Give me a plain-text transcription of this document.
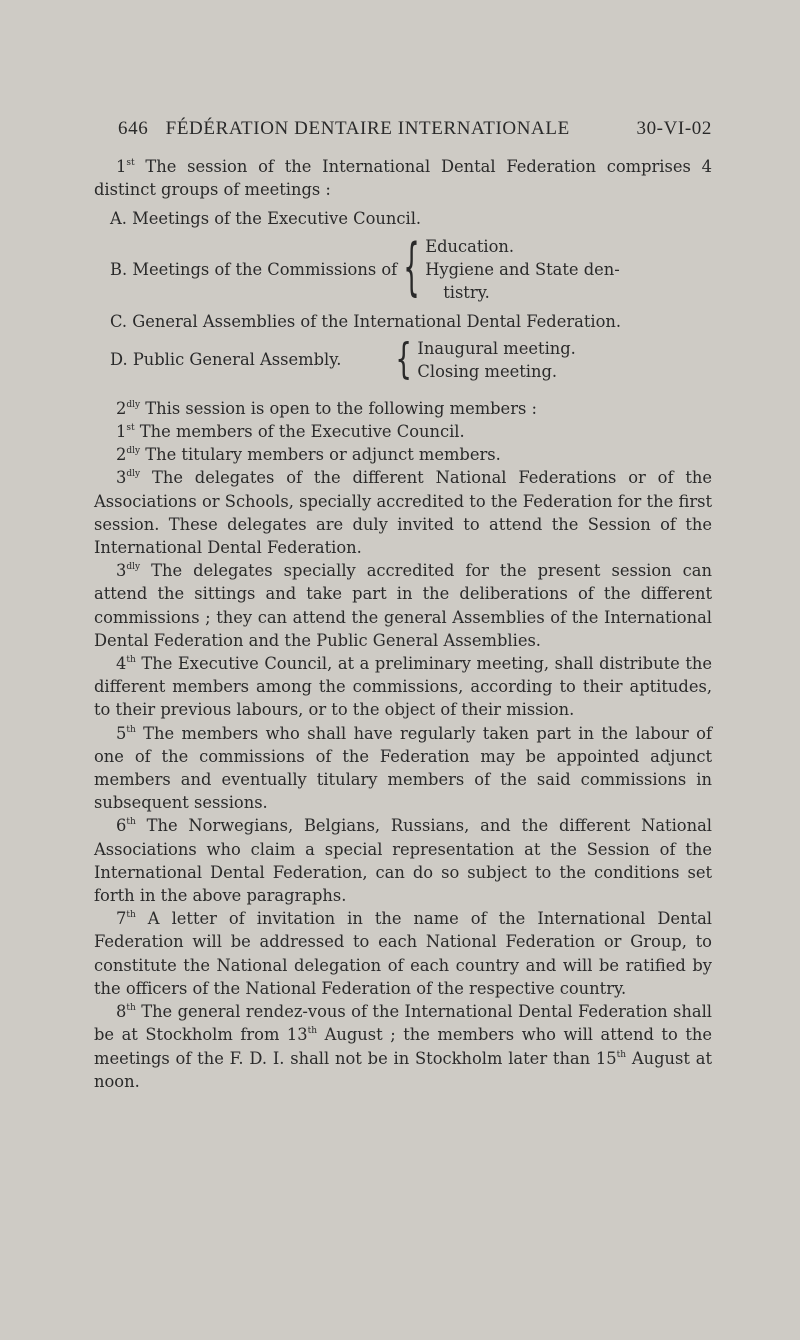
646 FÉDÉRATION DENTAIRE INTERNATIONALE	30-VI-02

1st The session of the International Dental Federation comprises 4 distinct groups of meetings :

A. Meetings of the Executive Council.
B. Meetings of the Commissions of { Education.
Hygiene and State den-
tistry.

C. General Assemblies of the International Dental Federation.

D. Public General Assembly. { Inaugural meeting.
Closing meeting.

$2^{dly}$ This session is open to the following members :

1st The members of the Executive Council.

$2^{dly}$ The titulary members or adjunct members.

$3^{dly}$ The delegates of the different National Federations or of the Associations or Schools, specially accredited to the Federation for the first session. These delegates are duly invited to attend the Session of the International Dental Federation.

$3^{dly}$ The delegates specially accredited for the present session can attend the sittings and take part in the deliberations of the different commissions ; they can attend the general Assemblies of the International Dental Federation and the Public General Assemblies.

4th The Executive Council, at a preliminary meeting, shall distribute the different members among the commissions, according to their aptitudes, to their previous labours, or to the object of their mission.

5th The members who shall have regularly taken part in the labour of one of the commissions of the Federation may be appointed adjunct members and eventually titulary members of the said commissions in subsequent sessions.

6th The Norwegians, Belgians, Russians, and the different National Associations who claim a special representation at the Session of the International Dental Federation, can do so subject to the conditions set forth in the above paragraphs.

7th A letter of invitation in the name of the International Dental Federation will be addressed to each National Federation or Group, to constitute the National delegation of each country and will be ratified by the officers of the National Federation of the respective country.

8th The general rendez-vous of the International Dental Federation shall be at Stockholm from 13th August ; the members who will attend to the meetings of the F. D. I. shall not be in Stockholm later than 15th August at noon.
